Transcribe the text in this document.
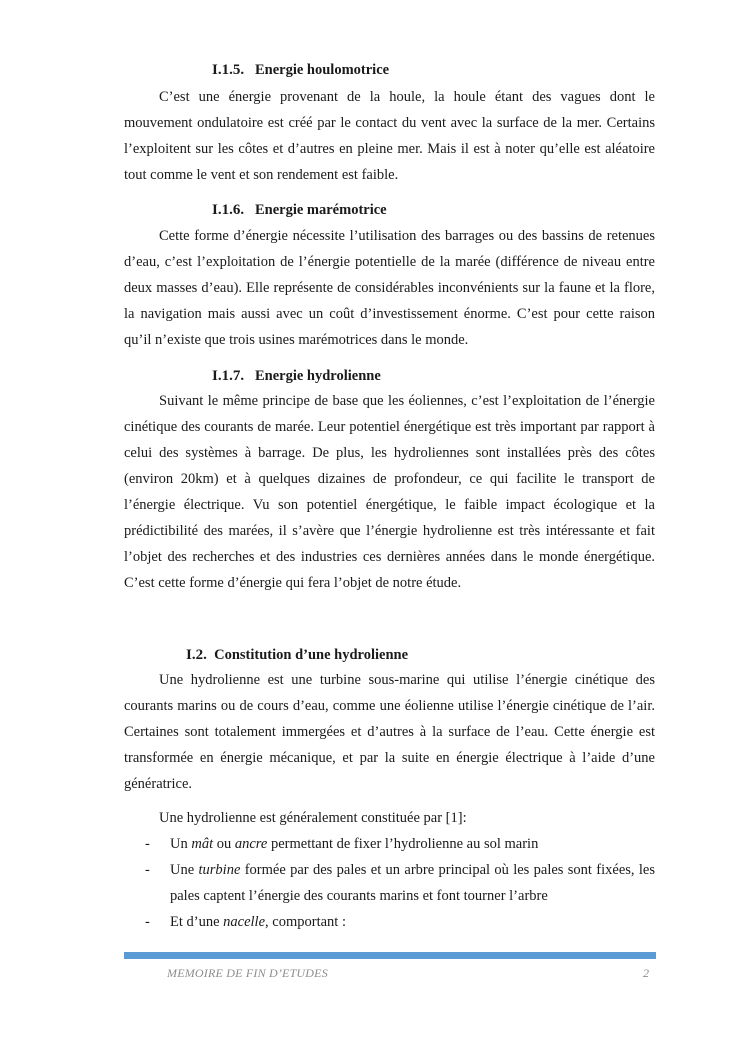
I.1.5. Energie houlomotrice

C’est une énergie provenant de la houle, la houle étant des vagues dont le mouvement ondulatoire est créé par le contact du vent avec la surface de la mer. Certains l’exploitent sur les côtes et d’autres en pleine mer. Mais il est à noter qu’elle est aléatoire tout comme le vent et son rendement est faible.

I.1.6. Energie marémotrice

Cette forme d’énergie nécessite l’utilisation des barrages ou des bassins de retenues d’eau, c’est l’exploitation de l’énergie potentielle de la marée (différence de niveau entre deux masses d’eau). Elle représente de considérables inconvénients sur la faune et la flore, la navigation mais aussi avec un coût d’investissement énorme. C’est pour cette raison qu’il n’existe que trois usines marémotrices dans le monde.

I.1.7. Energie hydrolienne

Suivant le même principe de base que les éoliennes, c’est l’exploitation de l’énergie cinétique des courants de marée. Leur potentiel énergétique est très important par rapport à celui des systèmes à barrage. De plus, les hydroliennes sont installées près des côtes (environ 20km) et à quelques dizaines de profondeur, ce qui facilite le transport de l’énergie électrique. Vu son potentiel énergétique, le faible impact écologique et la prédictibilité des marées, il s’avère que l’énergie hydrolienne est très intéressante et fait l’objet des recherches et des industries ces dernières années dans le monde énergétique. C’est cette forme d’énergie qui fera l’objet de notre étude.

I.2. Constitution d’une hydrolienne

Une hydrolienne est une turbine sous-marine qui utilise l’énergie cinétique des courants marins ou de cours d’eau, comme une éolienne utilise l’énergie cinétique de l’air. Certaines sont totalement immergées et d’autres à la surface de l’eau. Cette énergie est transformée en énergie mécanique, et par la suite en énergie électrique à l’aide d’une génératrice.

Une hydrolienne est généralement constituée par [1]:

- Un mât ou ancre permettant de fixer l’hydrolienne au sol marin
- Une turbine formée par des pales et un arbre principal où les pales sont fixées, les pales captent l’énergie des courants marins et font tourner l’arbre
- Et d’une nacelle, comportant :
MEMOIRE DE FIN D’ETUDES	2
